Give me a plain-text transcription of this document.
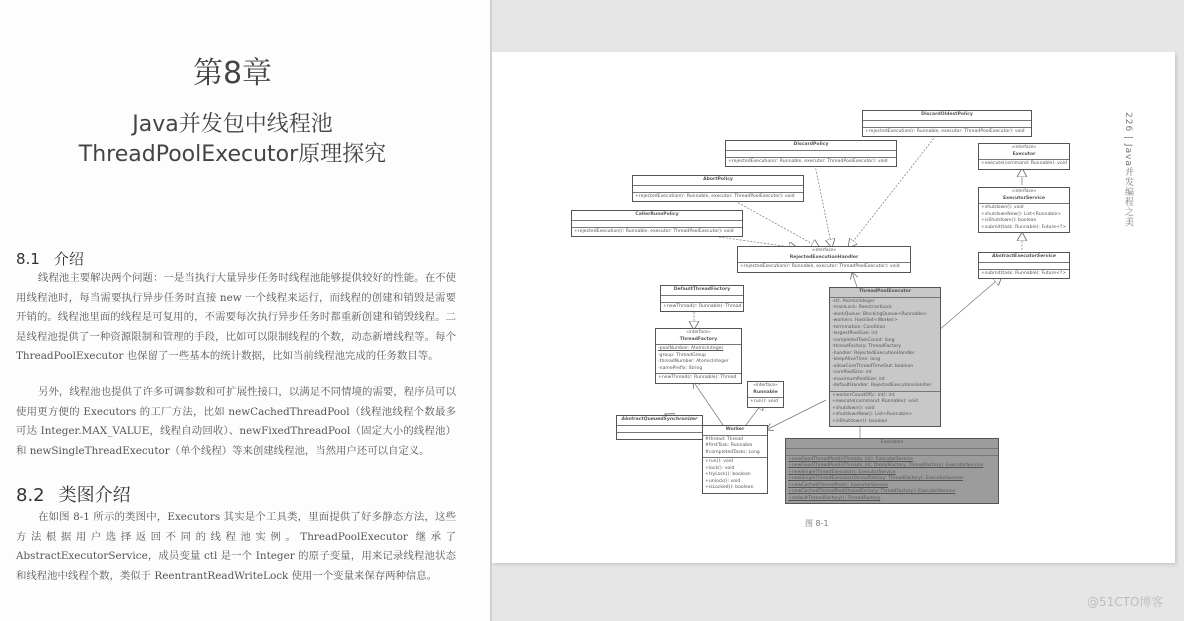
第8章
Java并发包中线程池
ThreadPoolExecutor原理探究
8.1 介绍
线程池主要解决两个问题：一是当执行大量异步任务时线程池能够提供较好的性能。在不使用线程池时，每当需要执行异步任务时直接 new 一个线程来运行，而线程的创建和销毁是需要开销的。线程池里面的线程是可复用的，不需要每次执行异步任务时都重新创建和销毁线程。二是线程池提供了一种资源限制和管理的手段，比如可以限制线程的个数，动态新增线程等。每个 ThreadPoolExecutor 也保留了一些基本的统计数据，比如当前线程池完成的任务数目等。
另外，线程池也提供了许多可调参数和可扩展性接口，以满足不同情境的需要，程序员可以使用更方便的 Executors 的工厂方法，比如 newCachedThreadPool（线程池线程个数最多可达 Integer.MAX_VALUE，线程自动回收）、newFixedThreadPool（固定大小的线程池）和 newSingleThreadExecutor（单个线程）等来创建线程池，当然用户还可以自定义。
8.2 类图介绍
在如图 8-1 所示的类图中，Executors 其实是个工具类，里面提供了好多静态方法，这些方法根据用户选择返回不同的线程池实例。ThreadPoolExecutor 继承了 AbstractExecutorService，成员变量 ctl 是一个 Integer 的原子变量，用来记录线程池状态和线程池中线程个数，类似于 ReentrantReadWriteLock 使用一个变量来保存两种信息。
DiscardOldestPolicy
+rejectedExecution(r: Runnable, executor: ThreadPoolExecutor): void
DiscardPolicy
+rejectedExecution(r: Runnable, executor: ThreadPoolExecutor): void
AbortPolicy
+rejectedExecution(r: Runnable, executor: ThreadPoolExecutor): void
CallerRunsPolicy
+rejectedExecution(r: Runnable, executor: ThreadPoolExecutor): void
«interface»
RejectedExecutionHandler
+rejectedExecution(r: Runnable, executor: ThreadPoolExecutor): void
«interface»
Executor
+execute(command: Runnable): void
«interface»
ExecutorService
+shutdown(): void
+shutdownNow(): List<Runnable>
+isShutdown(): boolean
+submit(task: Runnable): Future<?>
AbstractExecutorService
+submit(task: Runnable): Future<?>
DefaultThreadFactory
+newThread(r: Runnable): Thread
«interface»
ThreadFactory
-poolNumber: AtomicInteger
-group: ThreadGroup
-threadNumber: AtomicInteger
-namePrefix: String
+newThread(r: Runnable): Thread
ThreadPoolExecutor
-ctl: AtomicInteger
-mainLock: ReentrantLock
-workQueue: BlockingQueue<Runnable>
-workers: HashSet<Worker>
-termination: Condition
-largestPoolSize: int
-completedTaskCount: long
-threadFactory: ThreadFactory
-handler: RejectedExecutionHandler
-keepAliveTime: long
-allowCoreThreadTimeOut: boolean
-corePoolSize: int
-maximumPoolSize: int
-defaultHandler: RejectedExecutionHandler
+workerCountOf(c: int): int
+execute(command: Runnable): void
+shutdown(): void
+shutdownNow(): List<Runnable>
+isShutdown(): boolean
AbstractQueuedSynchronizer
«interface»
Runnable
+run(): void
Worker
#thread: Thread
#firstTask: Runnable
#completedTasks: Long
+run(): void
+lock(): void
+tryLock(): boolean
+unlock(): void
+isLocked(): boolean
Executors
+newFixedThreadPool(nThreads: int): ExecutorService
+newFixedThreadPool(nThreads: int, threadFactory: ThreadFactory): ExecutorService
+newSingleThreadExecutor(): ExecutorService
+newSingleThreadExecutor(threadFactory: ThreadFactory): ExecutorService
+newCachedThreadPool(): ExecutorService
+newCachedThreadPool(threadFactory: ThreadFactory): ExecutorService
+defaultThreadFactory(): ThreadFactory
图 8-1
226 | Java并发编程之美
@51CTO博客
